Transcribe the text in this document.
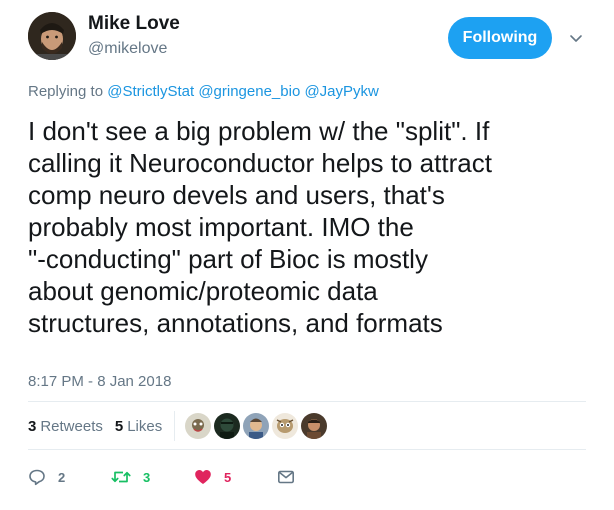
Mike Love
@mikelove
Following
Replying to @StrictlyStat @gringene_bio @JayPykw
I don't see a big problem w/ the "split". If
calling it Neuroconductor helps to attract
comp neuro devels and users, that's
probably most important. IMO the
"-conducting" part of Bioc is mostly
about genomic/proteomic data
structures, annotations, and formats
8:17 PM - 8 Jan 2018
3 Retweets 5 Likes
2	3	5
